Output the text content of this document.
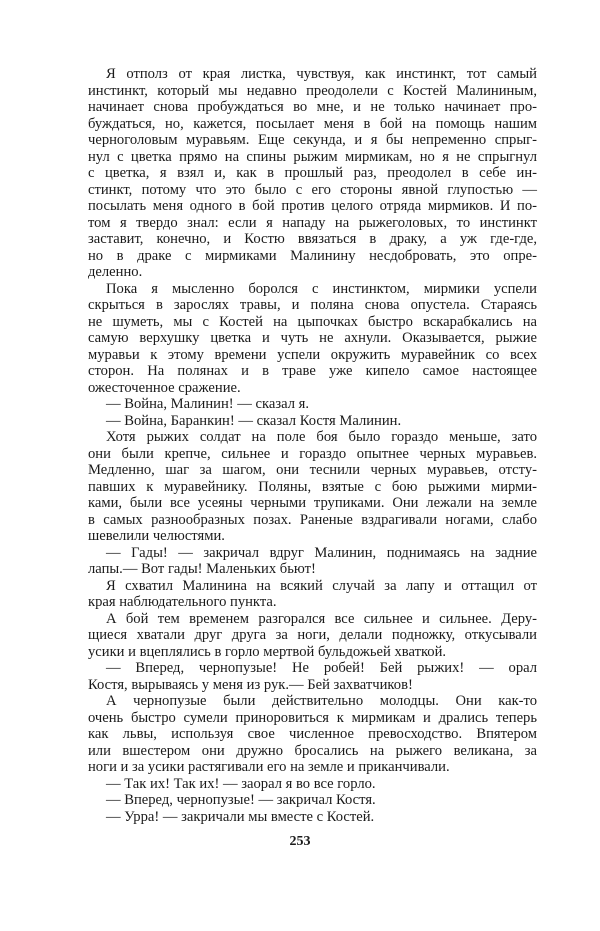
Я отполз от края листка, чувствуя, как инстинкт, тот самый
инстинкт, который мы недавно преодолели с Костей Малининым,
начинает снова пробуждаться во мне, и не только начинает про-
буждаться, но, кажется, посылает меня в бой на помощь нашим
черноголовым муравьям. Еще секунда, и я бы непременно спрыг-
нул с цветка прямо на спины рыжим мирмикам, но я не спрыгнул
с цветка, я взял и, как в прошлый раз, преодолел в себе ин-
стинкт, потому что это было с его стороны явной глупостью —
посылать меня одного в бой против целого отряда мирмиков. И по-
том я твердо знал: если я нападу на рыжеголовых, то инстинкт
заставит, конечно, и Костю ввязаться в драку, а уж где-где,
но в драке с мирмиками Малинину несдобровать, это опре-
деленно.
Пока я мысленно боролся с инстинктом, мирмики успели
скрыться в зарослях травы, и поляна снова опустела. Стараясь
не шуметь, мы с Костей на цыпочках быстро вскарабкались на
самую верхушку цветка и чуть не ахнули. Оказывается, рыжие
муравьи к этому времени успели окружить муравейник со всех
сторон. На полянах и в траве уже кипело самое настоящее
ожесточенное сражение.
— Война, Малинин! — сказал я.
— Война, Баранкин! — сказал Костя Малинин.
Хотя рыжих солдат на поле боя было гораздо меньше, зато
они были крепче, сильнее и гораздо опытнее черных муравьев.
Медленно, шаг за шагом, они теснили черных муравьев, отсту-
павших к муравейнику. Поляны, взятые с бою рыжими мирми-
ками, были все усеяны черными трупиками. Они лежали на земле
в самых разнообразных позах. Раненые вздрагивали ногами, слабо
шевелили челюстями.
— Гады! — закричал вдруг Малинин, поднимаясь на задние
лапы.— Вот гады! Маленьких бьют!
Я схватил Малинина на всякий случай за лапу и оттащил от
края наблюдательного пункта.
А бой тем временем разгорался все сильнее и сильнее. Деру-
щиеся хватали друг друга за ноги, делали подножку, откусывали
усики и вцеплялись в горло мертвой бульдожьей хваткой.
— Вперед, чернопузые! Не робей! Бей рыжих! — орал
Костя, вырываясь у меня из рук.— Бей захватчиков!
А чернопузые были действительно молодцы. Они как-то
очень быстро сумели приноровиться к мирмикам и дрались теперь
как львы, используя свое численное превосходство. Впятером
или вшестером они дружно бросались на рыжего великана, за
ноги и за усики растягивали его на земле и приканчивали.
— Так их! Так их! — заорал я во все горло.
— Вперед, чернопузые! — закричал Костя.
— Урра! — закричали мы вместе с Костей.
253
